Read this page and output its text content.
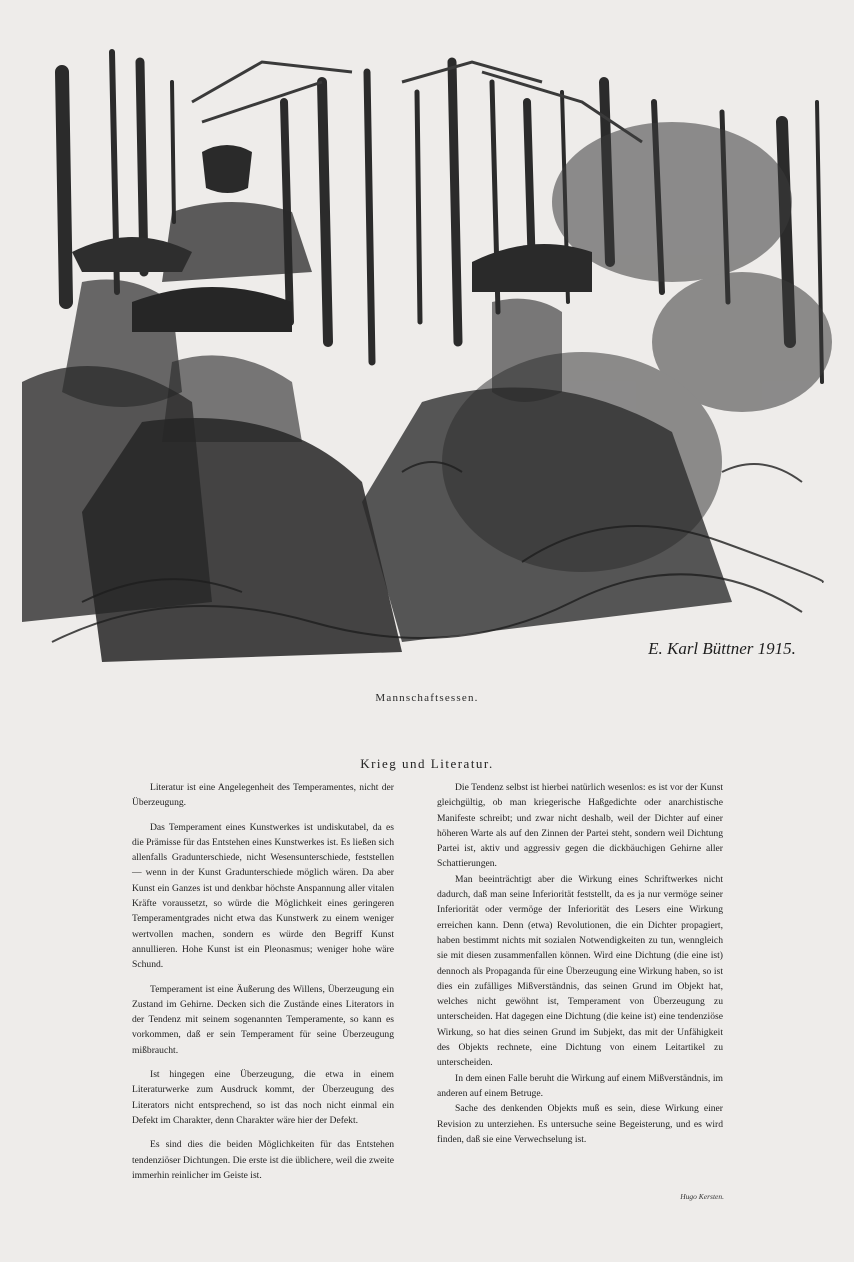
E. Karl Büttner 1915.
Mannschaftsessen.
Krieg und Literatur.

Literatur ist eine Angelegenheit des Temperamentes, nicht der Überzeugung.

Das Temperament eines Kunstwerkes ist undiskutabel, da es die Prämisse für das Entstehen eines Kunstwerkes ist. Es ließen sich allenfalls Gradunterschiede, nicht Wesensunterschiede, feststellen — wenn in der Kunst Gradunterschiede möglich wären. Da aber Kunst ein Ganzes ist und denkbar höchste Anspannung aller vitalen Kräfte voraussetzt, so würde die Möglichkeit eines geringeren Temperamentgrades nicht etwa das Kunstwerk zu einem weniger wertvollen machen, sondern es würde den Begriff Kunst annullieren. Hohe Kunst ist ein Pleonasmus; weniger hohe wäre Schund.

Temperament ist eine Äußerung des Willens, Überzeugung ein Zustand im Gehirne. Decken sich die Zustände eines Literators in der Tendenz mit seinem sogenannten Temperamente, so kann es vorkommen, daß er sein Temperament für seine Überzeugung mißbraucht.

Ist hingegen eine Überzeugung, die etwa in einem Literaturwerke zum Ausdruck kommt, der Überzeugung des Literators nicht entsprechend, so ist das noch nicht einmal ein Defekt im Charakter, denn Charakter wäre hier der Defekt.

Es sind dies die beiden Möglichkeiten für das Entstehen tendenziöser Dichtungen. Die erste ist die üblichere, weil die zweite immerhin reinlicher im Geiste ist.

Die Tendenz selbst ist hierbei natürlich wesenlos: es ist vor der Kunst gleichgültig, ob man kriegerische Haßgedichte oder anarchistische Manifeste schreibt; und zwar nicht deshalb, weil der Dichter auf einer höheren Warte als auf den Zinnen der Partei steht, sondern weil Dichtung Partei ist, aktiv und aggressiv gegen die dickbäuchigen Gehirne aller Schattierungen.

Man beeinträchtigt aber die Wirkung eines Schriftwerkes nicht dadurch, daß man seine Inferiorität feststellt, da es ja nur vermöge seiner Inferiorität oder vermöge der Inferiorität des Lesers eine Wirkung erreichen kann. Denn (etwa) Revolutionen, die ein Dichter propagiert, haben bestimmt nichts mit sozialen Notwendigkeiten zu tun, wenngleich sie mit diesen zusammenfallen können. Wird eine Dichtung (die eine ist) dennoch als Propaganda für eine Überzeugung eine Wirkung haben, so ist dies ein zufälliges Mißverständnis, das seinen Grund im Objekt hat, welches nicht gewöhnt ist, Temperament von Überzeugung zu unterscheiden. Hat dagegen eine Dichtung (die keine ist) eine tendenziöse Wirkung, so hat dies seinen Grund im Subjekt, das mit der Unfähigkeit des Objekts rechnete, eine Dichtung von einem Leitartikel zu unterscheiden.

In dem einen Falle beruht die Wirkung auf einem Mißverständnis, im anderen auf einem Betruge.

Sache des denkenden Objekts muß es sein, diese Wirkung einer Revision zu unterziehen. Es untersuche seine Begeisterung, und es wird finden, daß sie eine Verwechselung ist.

Hugo Kersten.
